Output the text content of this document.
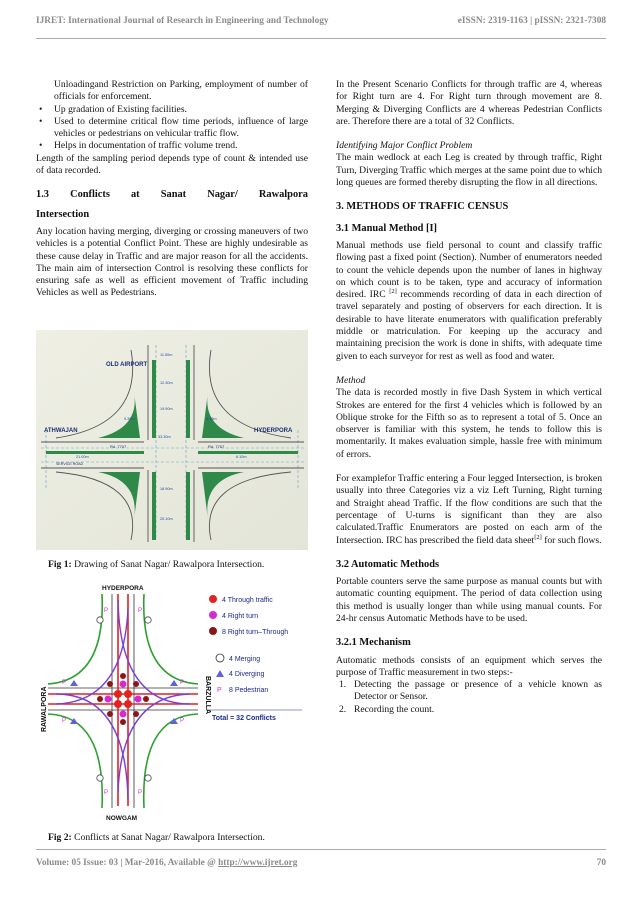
IJRET: International Journal of Research in Engineering and Technology	eISSN: 2319-1163 | pISSN: 2321-7308

Unloadingand Restriction on Parking, employment of number of officials for enforcement.

• Up gradation of Existing facilities.
• Used to determine critical flow time periods, influence of large vehicles or pedestrians on vehicular traffic flow.
• Helps in documentation of traffic volume trend.

Length of the sampling period depends type of count & intended use of data recorded.

1.3 Conflicts at Sanat Nagar/ Rawalpora
Intersection

Any location having merging, diverging or crossing maneuvers of two vehicles is a potential Conflict Point. These are highly undesirable as these cause delay in Traffic and are major reason for all the accidents. The main aim of intersection Control is resolving these conflicts for ensuring safe as well as efficient movement of Traffic including Vehicles as well as Pedestrians.

OLD AIRPORT
ATHWAJAN	HYDERPORA
SERVICE ROAD
Rd. 7707	Rd. 7767
11.50m
12.30m
19.90m
33.30m
21.00m	6.10m
18.90m
20.10m
9.30m	8.16m
Fig 1: Drawing of Sanat Nagar/ Rawalpora Intersection.
P	P
P	P
P	P
P	P
HYDERPORA
NOWGAM
RAWALPORA	BARZULLA
4 Through traffic
4 Right turn
8 Right turn–Through
4 Merging
4 Diverging
P 8 Pedestrian
Total = 32 Conflicts
Fig 2: Conflicts at Sanat Nagar/ Rawalpora Intersection.

In the Present Scenario Conflicts for through traffic are 4, whereas for Right turn are 4. For Right turn through movement are 8. Merging & Diverging Conflicts are 4 whereas Pedestrian Conflicts are. Therefore there are a total of 32 Conflicts.

Identifying Major Conflict Problem

The main wedlock at each Leg is created by through traffic, Right Turn, Diverging Traffic which merges at the same point due to which long queues are formed thereby disrupting the flow in all directions.

3. METHODS OF TRAFFIC CENSUS
3.1 Manual Method [I]

Manual methods use field personal to count and classify traffic flowing past a fixed point (Section). Number of enumerators needed to count the vehicle depends upon the number of lanes in highway on which count is to be taken, type and accuracy of information desired. IRC [2] recommends recording of data in each direction of travel separately and posting of observers for each direction. It is desirable to have literate enumerators with qualification preferably middle or matriculation. For keeping up the accuracy and maintaining precision the work is done in shifts, with adequate time given to each surveyor for rest as well as food and water.

Method

The data is recorded mostly in five Dash System in which vertical Strokes are entered for the first 4 vehicles which is followed by an Oblique stroke for the Fifth so as to represent a total of 5. Once an observer is familiar with this system, he tends to follow this is momentarily. It makes evaluation simple, hassle free with minimum of errors.

For examplefor Traffic entering a Four legged Intersection, is broken usually into three Categories viz a viz Left Turning, Right turning and Straight ahead Traffic. If the flow conditions are such that the percentage of U-turns is significant than they are also calculated.Traffic Enumerators are posted on each arm of the Intersection. IRC has prescribed the field data sheet[2] for such flows.

3.2 Automatic Methods

Portable counters serve the same purpose as manual counts but with automatic counting equipment. The period of data collection using this method is usually longer than while using manual counts. For 24-hr census Automatic Methods have to be used.

3.2.1 Mechanism

Automatic methods consists of an equipment which serves the purpose of Traffic measurement in two steps:-

1. Detecting the passage or presence of a vehicle known as Detector or Sensor.
2. Recording the count.
Volume: 05 Issue: 03 | Mar-2016, Available @ http://www.ijret.org	70
